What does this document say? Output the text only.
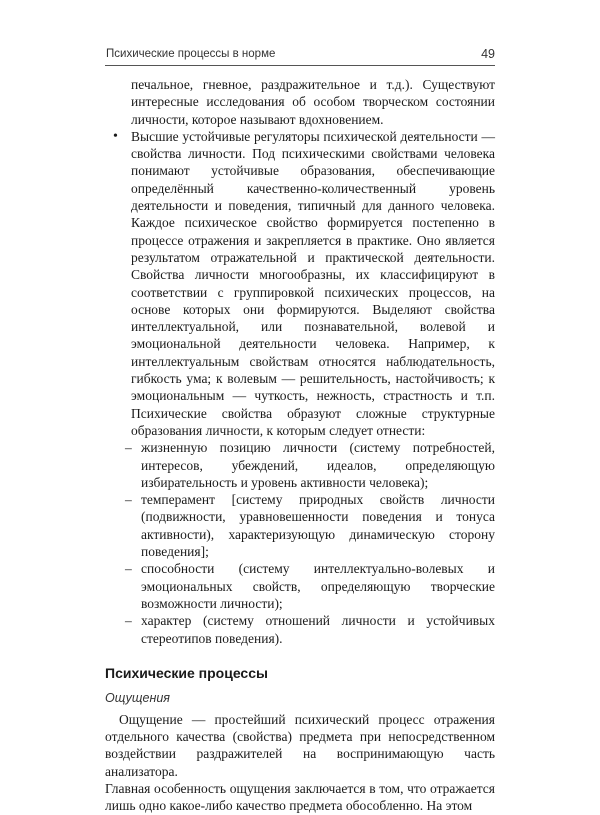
Психические процессы в норме	49

печальное, гневное, раздражительное и т.д.). Существуют интересные исследования об особом творческом состоянии личности, которое называют вдохновением.

• Высшие устойчивые регуляторы психической деятельности — свойства личности. Под психическими свойствами человека понимают устойчивые образования, обеспечивающие определённый качественно-количественный уровень деятельности и поведения, типичный для данного человека. Каждое психическое свойство формируется постепенно в процессе отражения и закрепляется в практике. Оно является результатом отражательной и практической деятельности. Свойства личности многообразны, их классифицируют в соответствии с группировкой психических процессов, на основе которых они формируются. Выделяют свойства интеллектуальной, или познавательной, волевой и эмоциональной деятельности человека. Например, к интеллектуальным свойствам относятся наблюдательность, гибкость ума; к волевым — решительность, настойчивость; к эмоциональным — чуткость, нежность, страстность и т.п. Психические свойства образуют сложные структурные образования личности, к которым следует отнести:
– жизненную позицию личности (систему потребностей, интересов, убеждений, идеалов, определяющую избирательность и уровень активности человека);
– темперамент [систему природных свойств личности (подвижности, уравновешенности поведения и тонуса активности), характеризующую динамическую сторону поведения];
– способности (систему интеллектуально-волевых и эмоциональных свойств, определяющую творческие возможности личности);
– характер (систему отношений личности и устойчивых стереотипов поведения).
Психические процессы
Ощущения

Ощущение — простейший психический процесс отражения отдельного качества (свойства) предмета при непосредственном воздействии раздражителей на воспринимающую часть анализатора.

Главная особенность ощущения заключается в том, что отражается лишь одно какое-либо качество предмета обособленно. На этом
